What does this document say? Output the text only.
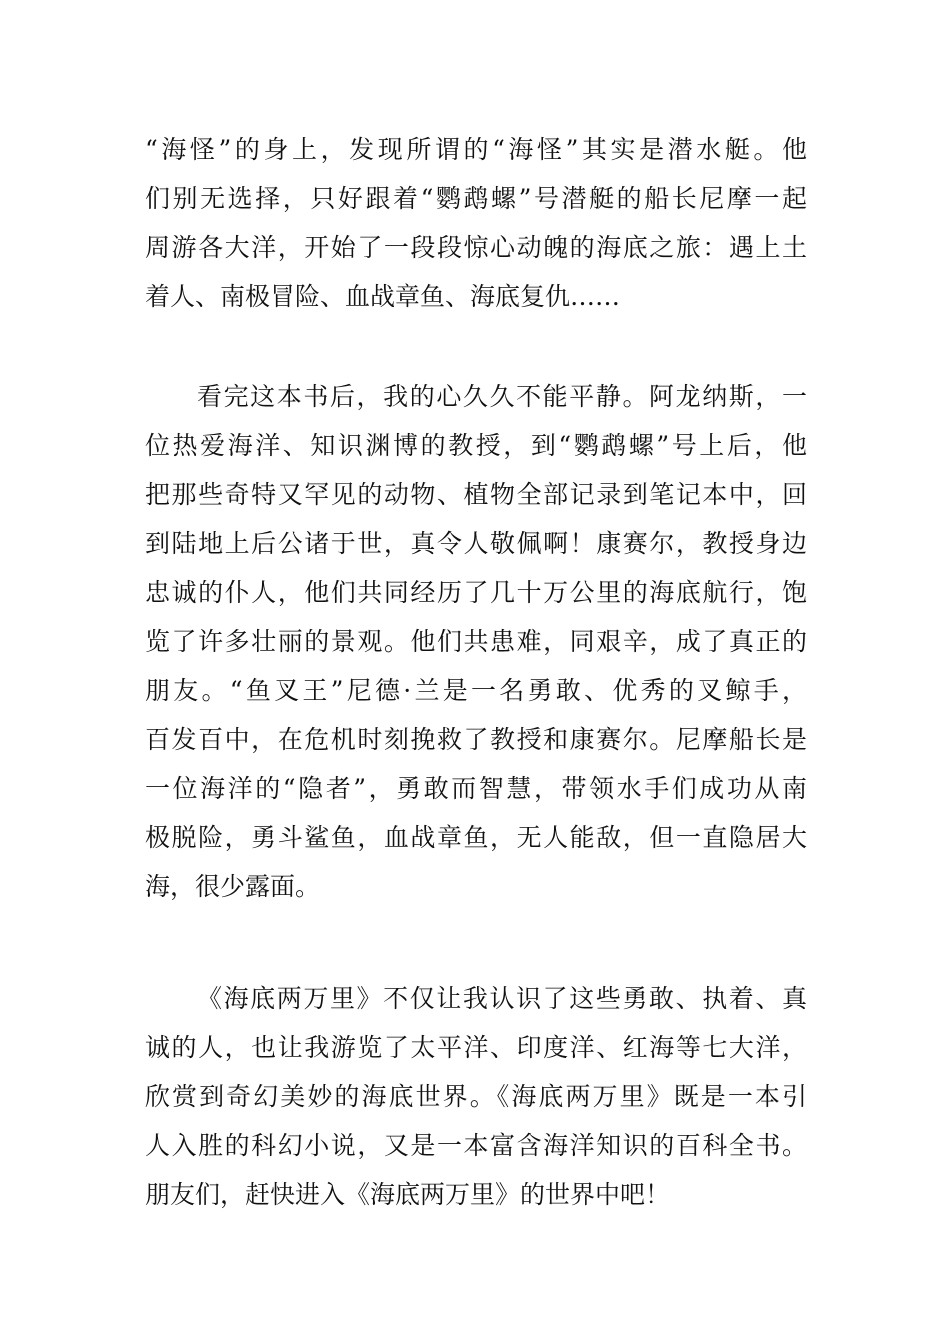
“海怪”的身上，发现所谓的“海怪”其实是潜水艇。他
们别无选择，只好跟着“鹦鹉螺”号潜艇的船长尼摩一起
周游各大洋，开始了一段段惊心动魄的海底之旅：遇上土
着人、南极冒险、血战章鱼、海底复仇……
看完这本书后，我的心久久不能平静。阿龙纳斯，一
位热爱海洋、知识渊博的教授，到“鹦鹉螺”号上后，他
把那些奇特又罕见的动物、植物全部记录到笔记本中，回
到陆地上后公诸于世，真令人敬佩啊！康赛尔，教授身边
忠诚的仆人，他们共同经历了几十万公里的海底航行，饱
览了许多壮丽的景观。他们共患难，同艰辛，成了真正的
朋友。“鱼叉王”尼德·兰是一名勇敢、优秀的叉鲸手，
百发百中，在危机时刻挽救了教授和康赛尔。尼摩船长是
一位海洋的“隐者”，勇敢而智慧，带领水手们成功从南
极脱险，勇斗鲨鱼，血战章鱼，无人能敌，但一直隐居大
海，很少露面。
《海底两万里》不仅让我认识了这些勇敢、执着、真
诚的人，也让我游览了太平洋、印度洋、红海等七大洋，
欣赏到奇幻美妙的海底世界。《海底两万里》既是一本引
人入胜的科幻小说，又是一本富含海洋知识的百科全书。
朋友们，赶快进入《海底两万里》的世界中吧！
